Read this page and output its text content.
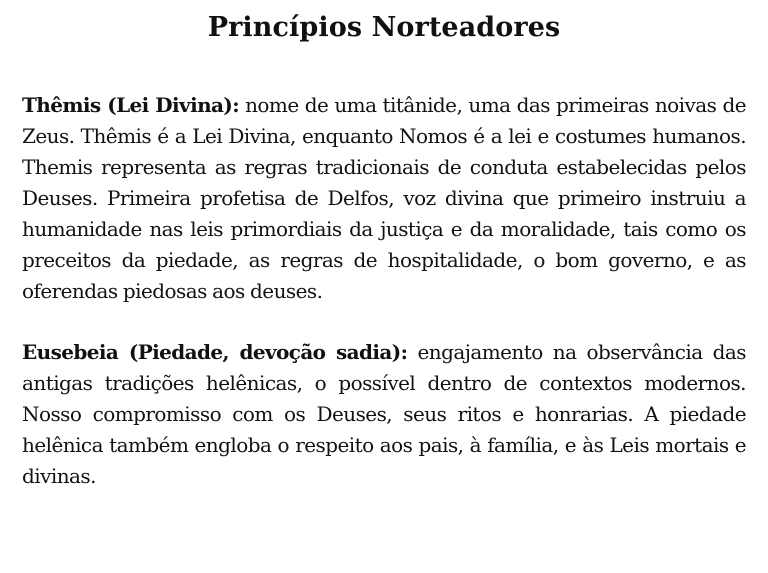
Princípios Norteadores

Thêmis (Lei Divina): nome de uma titânide, uma das primeiras noivas de Zeus. Thêmis é a Lei Divina, enquanto Nomos é a lei e costumes humanos. Themis representa as regras tradicionais de conduta estabelecidas pelos Deuses. Primeira profetisa de Delfos, voz divina que primeiro instruiu a humanidade nas leis primordiais da justiça e da moralidade, tais como os preceitos da piedade, as regras de hospitalidade, o bom governo, e as oferendas piedosas aos deuses.

Eusebeia (Piedade, devoção sadia): engajamento na observância das antigas tradições helênicas, o possível dentro de contextos modernos. Nosso compromisso com os Deuses, seus ritos e honrarias. A piedade helênica também engloba o respeito aos pais, à família, e às Leis mortais e divinas.
